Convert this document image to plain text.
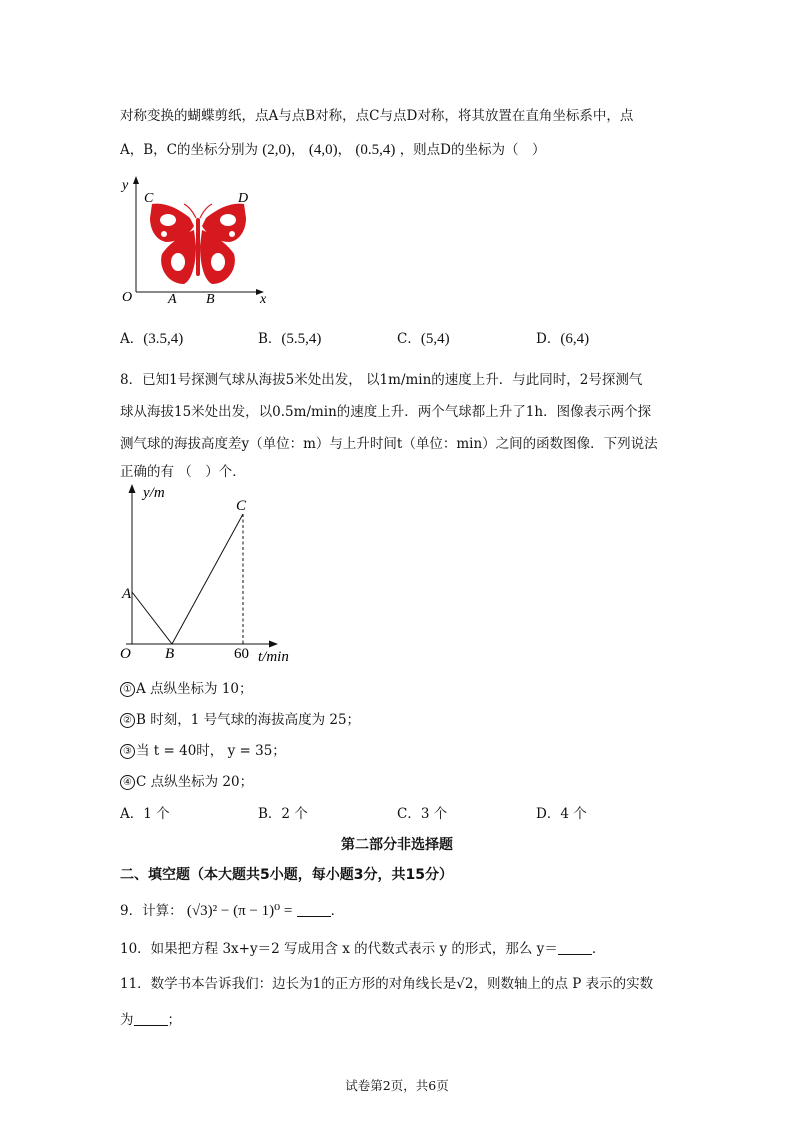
对称变换的蝴蝶剪纸，点A与点B对称，点C与点D对称，将其放置在直角坐标系中，点
A，B，C的坐标分别为 (2,0)， (4,0)， (0.5,4) ，则点D的坐标为（　）
y
C	D
O	A B	x
A．(3.5,4)	B．(5.5,4)	C．(5,4)	D．(6,4)
8．已知1号探测气球从海拔5米处出发， 以1m/min的速度上升．与此同时，2号探测气
球从海拔15米处出发，以0.5m/min的速度上升．两个气球都上升了1h．图像表示两个探
测气球的海拔高度差y（单位：m）与上升时间t（单位：min）之间的函数图像．下列说法
正确的有 （　）个．
y/m
A
C
O B	60 t/min
① A 点纵坐标为 10；
② B 时刻，1 号气球的海拔高度为 25；
③ 当 t = 40时， y = 35；
④ C 点纵坐标为 20；
A．1 个	B．2 个	C．3 个	D．4 个
第二部分非选择题
二、填空题（本大题共5小题，每小题3分，共15分）
9．计算： (√3)² − (π − 1)⁰ =	．
10．如果把方程 3x+y＝2 写成用含 x 的代数式表示 y 的形式，那么 y＝	．
11．数学书本告诉我们：边长为1的正方形的对角线长是√2，则数轴上的点 P 表示的实数
为	；
试卷第2页，共6页
